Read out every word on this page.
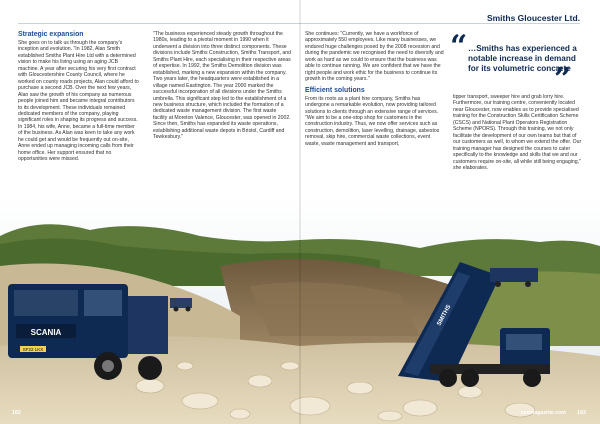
Smiths Gloucester Ltd.
Strategic expansion

She goes on to talk us through the company's inception and evolution. "In 1982, Alan Smith established Smiths Plant Hire Ltd with a determined vision to make his living using an aging JCB machine. A year after securing his very first contract with Gloucestershire County Council, where he worked on county roads projects, Alan could afford to purchase a second JCB. Over the next few years, Alan saw the growth of his company as numerous people joined him and became integral contributors to its development. These individuals remained dedicated members of the company, playing significant roles in shaping its progress and success. In 1984, his wife, Anne, became a full-time member of the business. As Alan was keen to take any work he could get and would be frequently out on-site, Anne ended up managing incoming calls from their home office. Her support ensured that no opportunities were missed.

"The business experienced steady growth throughout the 1980s, leading to a pivotal moment in 1990 when it underwent a division into three distinct components. These divisions include Smiths Construction, Smiths Transport, and Smiths Plant Hire, each specialising in their respective areas of expertise. In 1992, the Smiths Demolition division was established, marking a new expansion within the company. Two years later, the headquarters were established in a village named Eastington. The year 2000 marked the successful incorporation of all divisions under the Smiths umbrella. This significant step led to the establishment of a new business structure, which included the formation of a dedicated waste management division. The first waste facility at Moreton Valence, Gloucester, was opened in 2002. Since then, Smiths has expanded its waste operations, establishing additional waste depots in Bristol, Cardiff and Tewkesbury."

She continues: "Currently, we have a workforce of approximately 550 employees. Like many businesses, we endured huge challenges posed by the 2008 recession and during the pandemic we recognised the need to diversify and work as hard as we could to ensure that the business was able to continue running. We are confident that we have the right people and work ethic for the business to continue its growth in the coming years."

Efficient solutions

From its roots as a plant hire company, Smiths has undergone a remarkable evolution, now providing tailored solutions to clients through an extensive range of services. "We aim to be a one-stop shop for customers in the construction industry. Thus, we now offer services such as construction, demolition, laser levelling, drainage, asbestos removal, skip hire, commercial waste collections, event waste, waste management and transport,

“ …Smiths has experienced a notable increase in demand for its volumetric concrete
”

tipper transport, sweeper hire and grab lorry hire. Furthermore, our training centre, conveniently located near Gloucester, now enables us to provide specialised training for the Construction Skills Certification Scheme (CSCS) and National Plant Operators Registration Scheme (NPORS). Through this training, we not only facilitate the development of our own teams but that of our customers as well, to whom we extend the offer. Our training manager has designed the courses to cater specifically to the knowledge and skills that we and our customers require on-site, all while still being engaging," she elaborates.

SCANIA
SF22 LKX
SMITHS
162	ccemagazine.com 163
